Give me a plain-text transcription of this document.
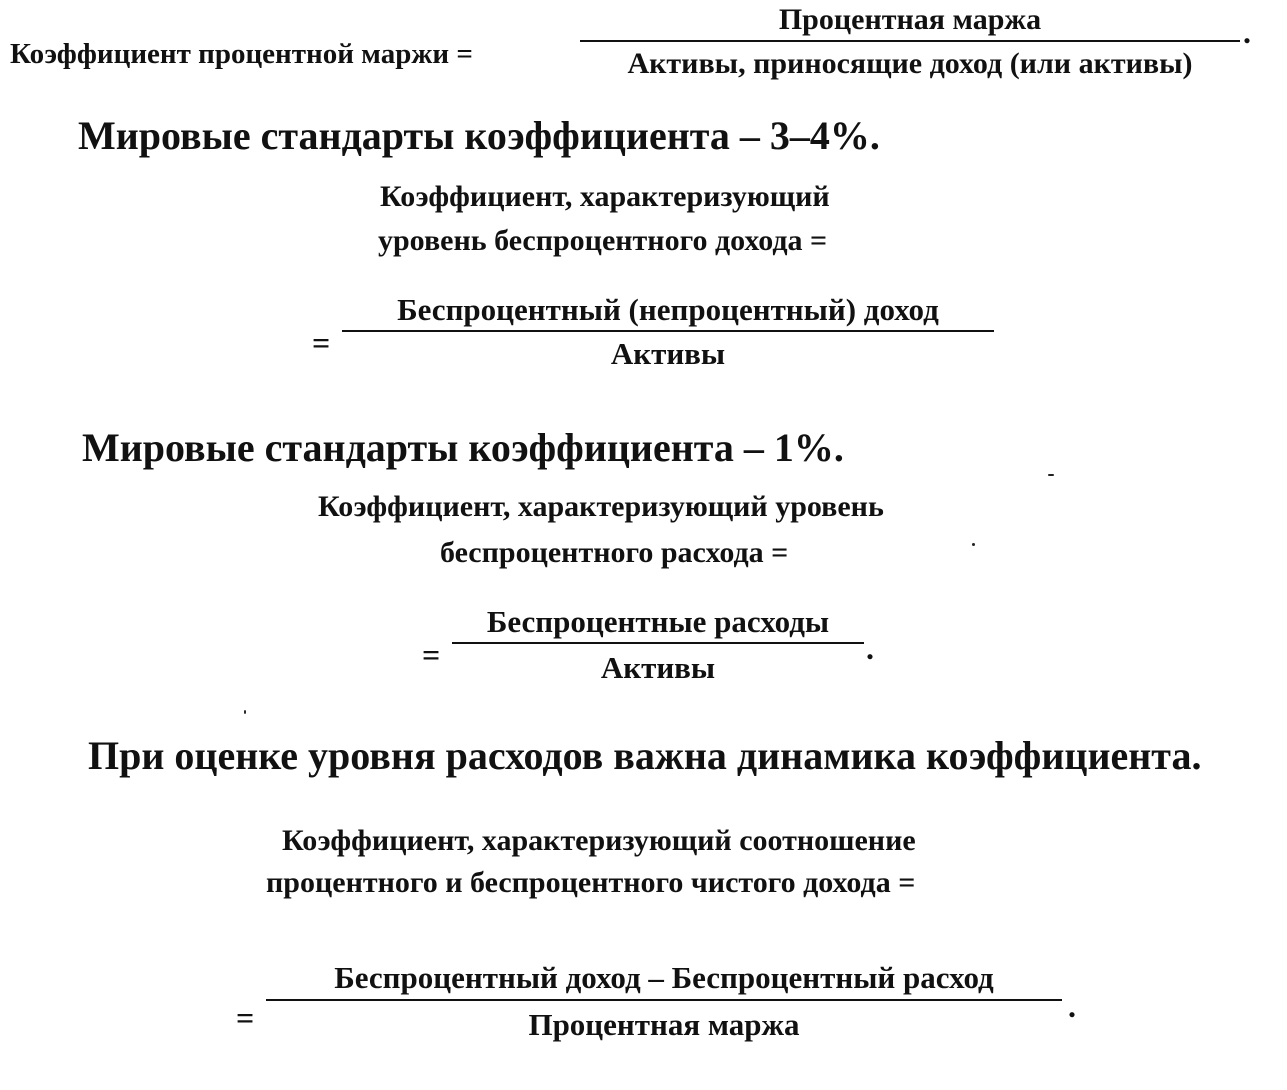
Коэффициент процентной маржи =
Процентная маржа
Активы, приносящие доход (или активы)
.
Мировые стандарты коэффициента – 3–4%.
Коэффициент, характеризующий
уровень беспроцентного дохода =
=
Беспроцентный (непроцентный) доход
Активы
Мировые стандарты коэффициента – 1%.
Коэффициент, характеризующий уровень
беспроцентного расхода =
=
Беспроцентные расходы
Активы
.
При оценке уровня расходов важна динамика коэффициента.
Коэффициент, характеризующий соотношение
процентного и беспроцентного чистого дохода =
=
Беспроцентный доход – Беспроцентный расход
Процентная маржа
.
